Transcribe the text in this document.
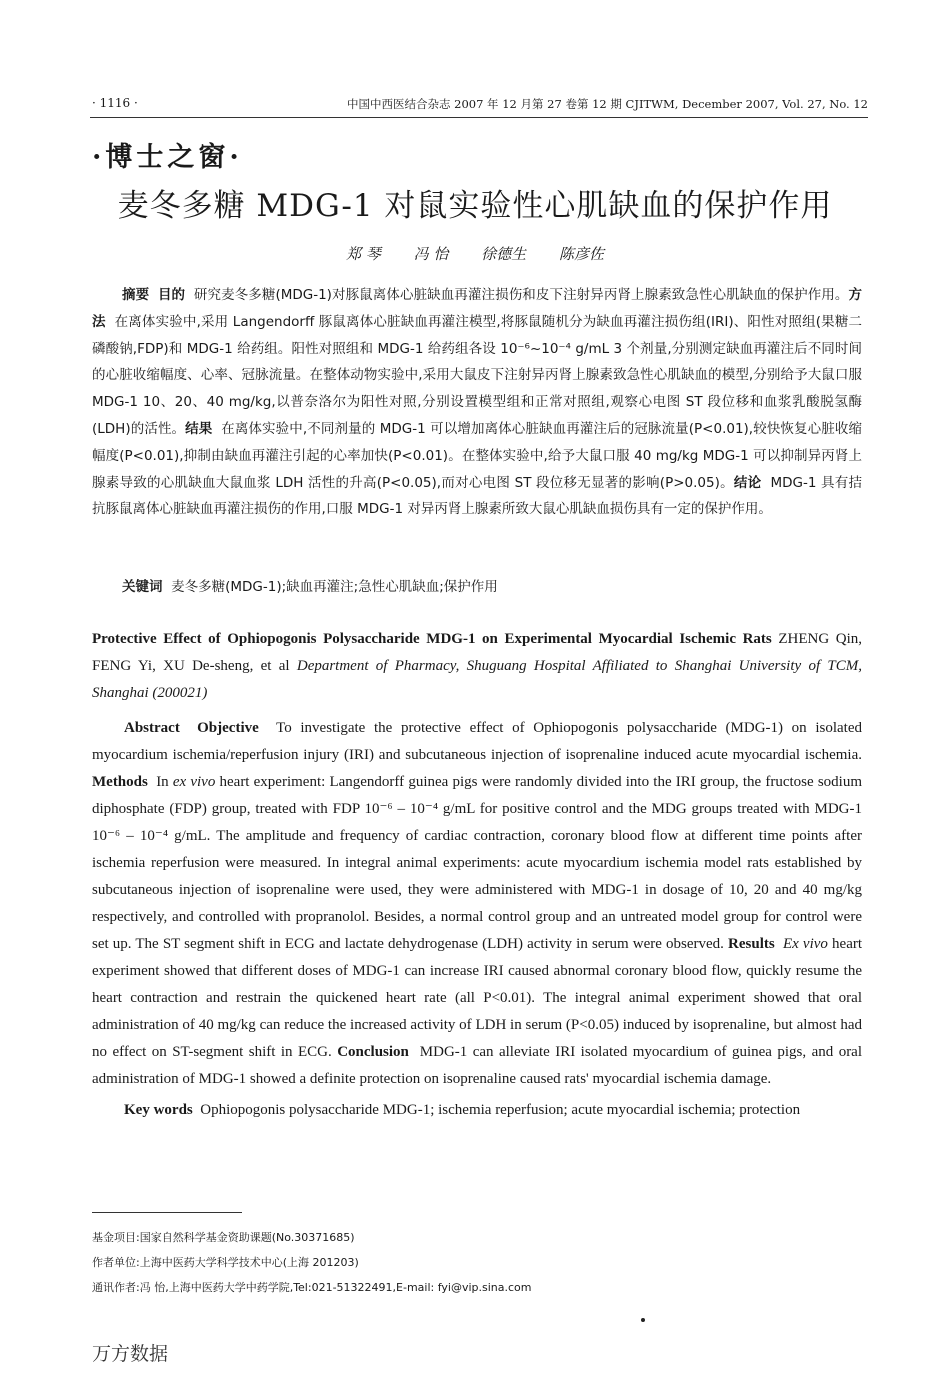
· 1116 ·	中国中西医结合杂志 2007 年 12 月第 27 卷第 12 期 CJITWM, December 2007, Vol. 27, No. 12
·博士之窗·
麦冬多糖 MDG-1 对鼠实验性心肌缺血的保护作用
郑 琴 冯 怡 徐德生 陈彦佐
摘要 目的 研究麦冬多糖(MDG-1)对豚鼠离体心脏缺血再灌注损伤和皮下注射异丙肾上腺素致急性心肌缺血的保护作用。方法 在离体实验中,采用 Langendorff 豚鼠离体心脏缺血再灌注模型,将豚鼠随机分为缺血再灌注损伤组(IRI)、阳性对照组(果糖二磷酸钠,FDP)和 MDG-1 给药组。阳性对照组和 MDG-1 给药组各设 10⁻⁶~10⁻⁴ g/mL 3 个剂量,分别测定缺血再灌注后不同时间的心脏收缩幅度、心率、冠脉流量。在整体动物实验中,采用大鼠皮下注射异丙肾上腺素致急性心肌缺血的模型,分别给予大鼠口服 MDG-1 10、20、40 mg/kg,以普奈洛尔为阳性对照,分别设置模型组和正常对照组,观察心电图 ST 段位移和血浆乳酸脱氢酶(LDH)的活性。结果 在离体实验中,不同剂量的 MDG-1 可以增加离体心脏缺血再灌注后的冠脉流量(P<0.01),较快恢复心脏收缩幅度(P<0.01),抑制由缺血再灌注引起的心率加快(P<0.01)。在整体实验中,给予大鼠口服 40 mg/kg MDG-1 可以抑制异丙肾上腺素导致的心肌缺血大鼠血浆 LDH 活性的升高(P<0.05),而对心电图 ST 段位移无显著的影响(P>0.05)。结论 MDG-1 具有拮抗豚鼠离体心脏缺血再灌注损伤的作用,口服 MDG-1 对异丙肾上腺素所致大鼠心肌缺血损伤具有一定的保护作用。
关键词 麦冬多糖(MDG-1);缺血再灌注;急性心肌缺血;保护作用
Protective Effect of Ophiopogonis Polysaccharide MDG-1 on Experimental Myocardial Ischemic Rats ZHENG Qin, FENG Yi, XU De-sheng, et al Department of Pharmacy, Shuguang Hospital Affiliated to Shanghai University of TCM, Shanghai (200021)
Abstract Objective To investigate the protective effect of Ophiopogonis polysaccharide (MDG-1) on isolated myocardium ischemia/reperfusion injury (IRI) and subcutaneous injection of isoprenaline induced acute myocardial ischemia. Methods In ex vivo heart experiment: Langendorff guinea pigs were randomly divided into the IRI group, the fructose sodium diphosphate (FDP) group, treated with FDP 10⁻⁶ – 10⁻⁴ g/mL for positive control and the MDG groups treated with MDG-1 10⁻⁶ – 10⁻⁴ g/mL. The amplitude and frequency of cardiac contraction, coronary blood flow at different time points after ischemia reperfusion were measured. In integral animal experiments: acute myocardium ischemia model rats established by subcutaneous injection of isoprenaline were used, they were administered with MDG-1 in dosage of 10, 20 and 40 mg/kg respectively, and controlled with propranolol. Besides, a normal control group and an untreated model group for control were set up. The ST segment shift in ECG and lactate dehydrogenase (LDH) activity in serum were observed. Results Ex vivo heart experiment showed that different doses of MDG-1 can increase IRI caused abnormal coronary blood flow, quickly resume the heart contraction and restrain the quickened heart rate (all P<0.01). The integral animal experiment showed that oral administration of 40 mg/kg can reduce the increased activity of LDH in serum (P<0.05) induced by isoprenaline, but almost had no effect on ST-segment shift in ECG. Conclusion MDG-1 can alleviate IRI isolated myocardium of guinea pigs, and oral administration of MDG-1 showed a definite protection on isoprenaline caused rats' myocardial ischemia damage.
Key words Ophiopogonis polysaccharide MDG-1; ischemia reperfusion; acute myocardial ischemia; protection
基金项目:国家自然科学基金资助课题(No.30371685)
作者单位:上海中医药大学科学技术中心(上海 201203)
通讯作者:冯 怡,上海中医药大学中药学院,Tel:021-51322491,E-mail: fyi@vip.sina.com
万方数据
